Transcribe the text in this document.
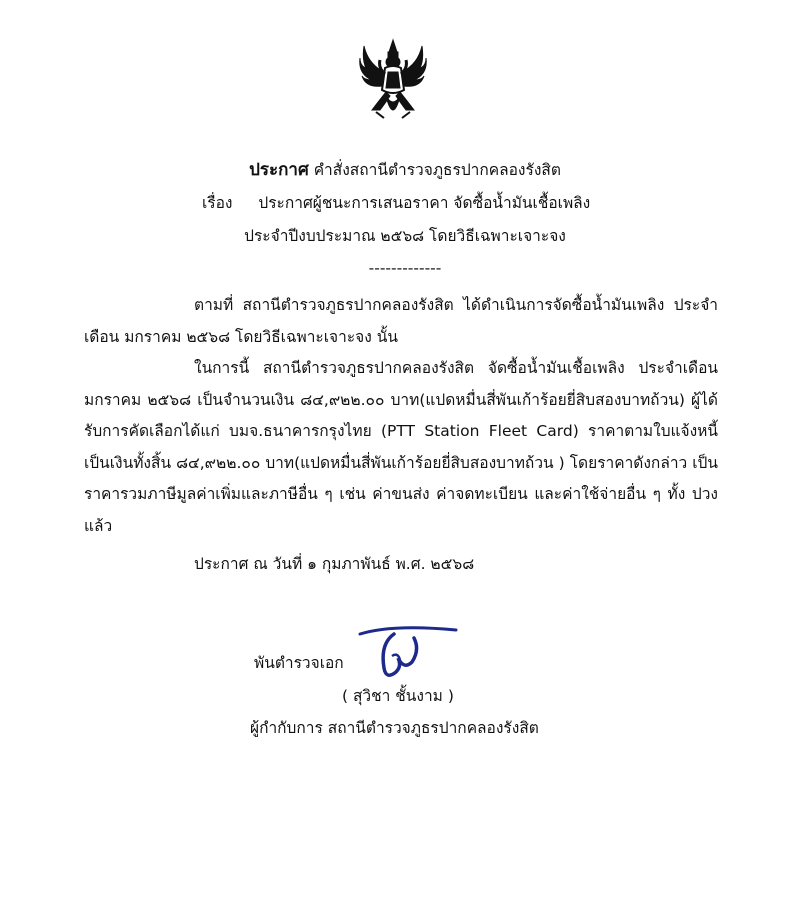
ประกาศ คำสั่งสถานีตำรวจภูธรปากคลองรังสิต
เรื่อง ประกาศผู้ชนะการเสนอราคา จัดซื้อน้ำมันเชื้อเพลิง
ประจำปีงบประมาณ ๒๕๖๘ โดยวิธีเฉพาะเจาะจง
-------------
ตามที่ สถานีตำรวจภูธรปากคลองรังสิต ได้ดำเนินการจัดซื้อน้ำมันเพลิง ประจำเดือน มกราคม ๒๕๖๘ โดยวิธีเฉพาะเจาะจง นั้น
ในการนี้ สถานีตำรวจภูธรปากคลองรังสิต จัดซื้อน้ำมันเชื้อเพลิง ประจำเดือน มกราคม ๒๕๖๘ เป็นจำนวนเงิน ๘๔,๙๒๒.๐๐ บาท(แปดหมื่นสี่พันเก้าร้อยยี่สิบสองบาทถ้วน) ผู้ได้รับการคัดเลือกได้แก่ บมจ.ธนาคารกรุงไทย (PTT Station Fleet Card) ราคาตามใบแจ้งหนี้ เป็นเงินทั้งสิ้น ๘๔,๙๒๒.๐๐ บาท(แปดหมื่นสี่พันเก้าร้อยยี่สิบสองบาทถ้วน ) โดยราคาดังกล่าว เป็นราคารวมภาษีมูลค่าเพิ่มและภาษีอื่น ๆ เช่น ค่าขนส่ง ค่าจดทะเบียน และค่าใช้จ่ายอื่น ๆ ทั้ง ปวงแล้ว
ประกาศ ณ วันที่ ๑ กุมภาพันธ์ พ.ศ. ๒๕๖๘
พันตำรวจเอก
( สุวิชา ชั้นงาม )
ผู้กำกับการ สถานีตำรวจภูธรปากคลองรังสิต
